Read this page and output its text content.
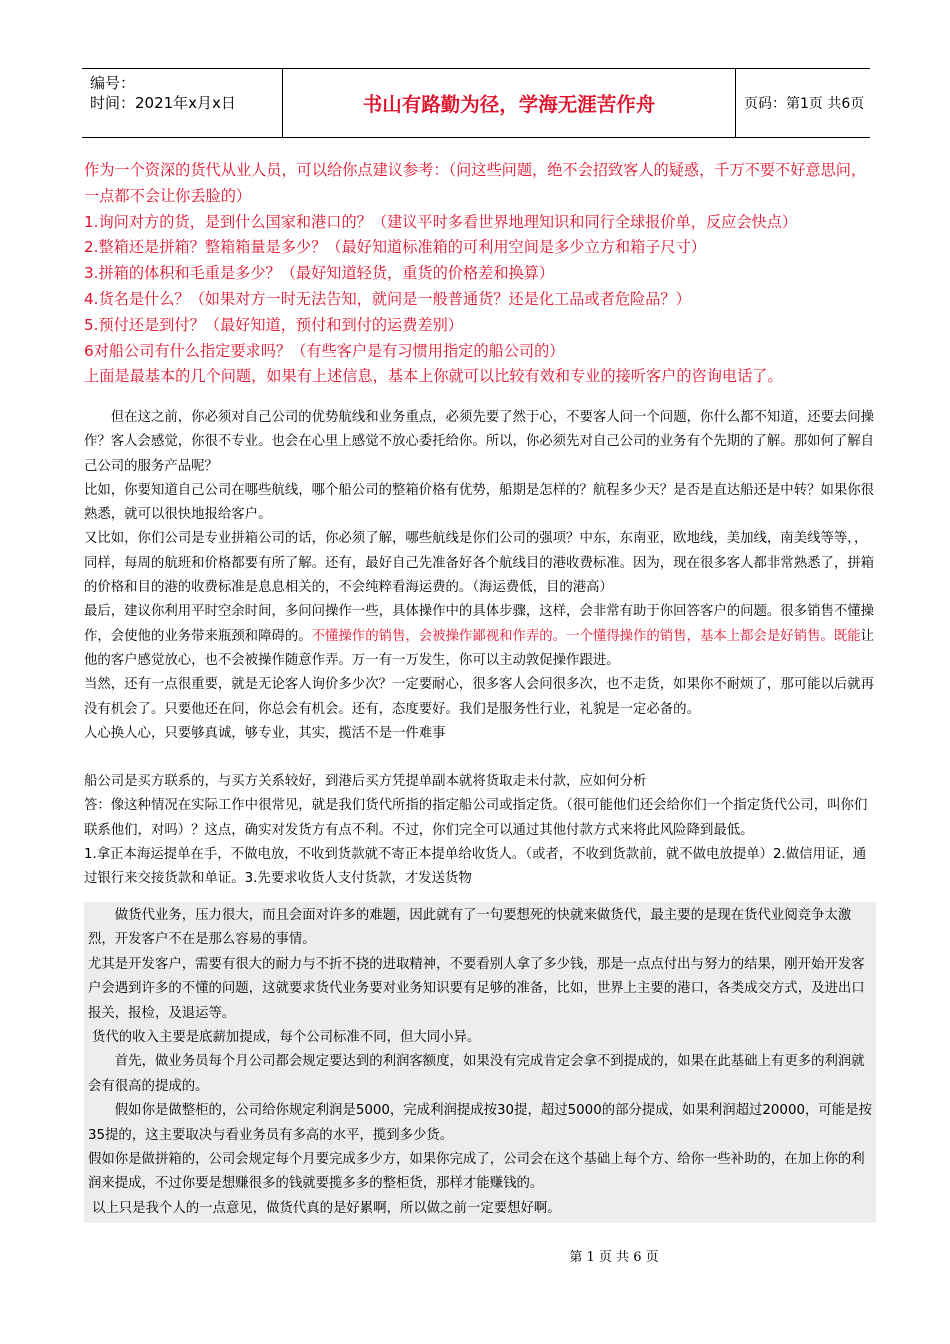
编号：
时间：2021年x月x日	书山有路勤为径，学海无涯苦作舟	页码：第1页 共6页

作为一个资深的货代从业人员，可以给你点建议参考：（问这些问题，绝不会招致客人的疑惑，千万不要不好意思问，一点都不会让你丢脸的）

1.询问对方的货，是到什么国家和港口的？（建议平时多看世界地理知识和同行全球报价单，反应会快点）

2.整箱还是拼箱？整箱箱量是多少？（最好知道标准箱的可利用空间是多少立方和箱子尺寸）

3.拼箱的体积和毛重是多少？（最好知道轻货，重货的价格差和换算）

4.货名是什么？（如果对方一时无法告知，就问是一般普通货？还是化工品或者危险品？）

5.预付还是到付？（最好知道，预付和到付的运费差别）

6对船公司有什么指定要求吗？（有些客户是有习惯用指定的船公司的）

上面是最基本的几个问题，如果有上述信息，基本上你就可以比较有效和专业的接听客户的咨询电话了。

但在这之前，你必须对自己公司的优势航线和业务重点，必须先要了然于心，不要客人问一个问题，你什么都不知道，还要去问操作？客人会感觉，你很不专业。也会在心里上感觉不放心委托给你。所以，你必须先对自己公司的业务有个先期的了解。那如何了解自己公司的服务产品呢？

比如，你要知道自己公司在哪些航线，哪个船公司的整箱价格有优势，船期是怎样的？航程多少天？是否是直达船还是中转？如果你很熟悉，就可以很快地报给客户。

又比如，你们公司是专业拼箱公司的话，你必须了解，哪些航线是你们公司的强项？中东，东南亚，欧地线，美加线，南美线等等，，同样，每周的航班和价格都要有所了解。还有，最好自己先准备好各个航线目的港收费标准。因为，现在很多客人都非常熟悉了，拼箱的价格和目的港的收费标准是息息相关的，不会纯粹看海运费的。（海运费低，目的港高）

最后，建议你利用平时空余时间，多问问操作一些，具体操作中的具体步骤，这样，会非常有助于你回答客户的问题。很多销售不懂操作，会使他的业务带来瓶颈和障碍的。不懂操作的销售，会被操作鄙视和作弄的。一个懂得操作的销售，基本上都会是好销售。既能让他的客户感觉放心，也不会被操作随意作弄。万一有一万发生，你可以主动敦促操作跟进。

当然，还有一点很重要，就是无论客人询价多少次？一定要耐心，很多客人会问很多次，也不走货，如果你不耐烦了，那可能以后就再没有机会了。只要他还在问，你总会有机会。还有，态度要好。我们是服务性行业，礼貌是一定必备的。

人心换人心，只要够真诚，够专业，其实，揽活不是一件难事

船公司是买方联系的，与买方关系较好，到港后买方凭提单副本就将货取走未付款，应如何分析

答：像这种情况在实际工作中很常见，就是我们货代所指的指定船公司或指定货。（很可能他们还会给你们一个指定货代公司，叫你们联系他们，对吗）？这点，确实对发货方有点不利。不过，你们完全可以通过其他付款方式来将此风险降到最低。

1.拿正本海运提单在手，不做电放，不收到货款就不寄正本提单给收货人。（或者，不收到货款前，就不做电放提单）2.做信用证，通过银行来交接货款和单证。3.先要求收货人支付货款，才发送货物

做货代业务，压力很大，而且会面对许多的难题，因此就有了一句要想死的快就来做货代，最主要的是现在货代业阅竞争太激烈，开发客户不在是那么容易的事情。

尤其是开发客户，需要有很大的耐力与不折不挠的进取精神，不要看别人拿了多少钱，那是一点点付出与努力的结果，刚开始开发客户会遇到许多的不懂的问题，这就要求货代业务要对业务知识要有足够的准备，比如，世界上主要的港口，各类成交方式，及进出口报关，报检，及退运等。

货代的收入主要是底薪加提成，每个公司标准不同，但大同小异。

首先，做业务员每个月公司都会规定要达到的利润客额度，如果没有完成肯定会拿不到提成的，如果在此基础上有更多的利润就会有很高的提成的。

假如你是做整柜的，公司给你规定利润是5000，完成利润提成按30提，超过5000的部分提成，如果利润超过20000，可能是按35提的，这主要取决与看业务员有多高的水平，揽到多少货。

假如你是做拼箱的，公司会规定每个月要完成多少方，如果你完成了，公司会在这个基础上每个方、给你一些补助的，在加上你的利润来提成，不过你要是想赚很多的钱就要揽多多的整柜货，那样才能赚钱的。

以上只是我个人的一点意见，做货代真的是好累啊，所以做之前一定要想好啊。

第 1 页 共 6 页
